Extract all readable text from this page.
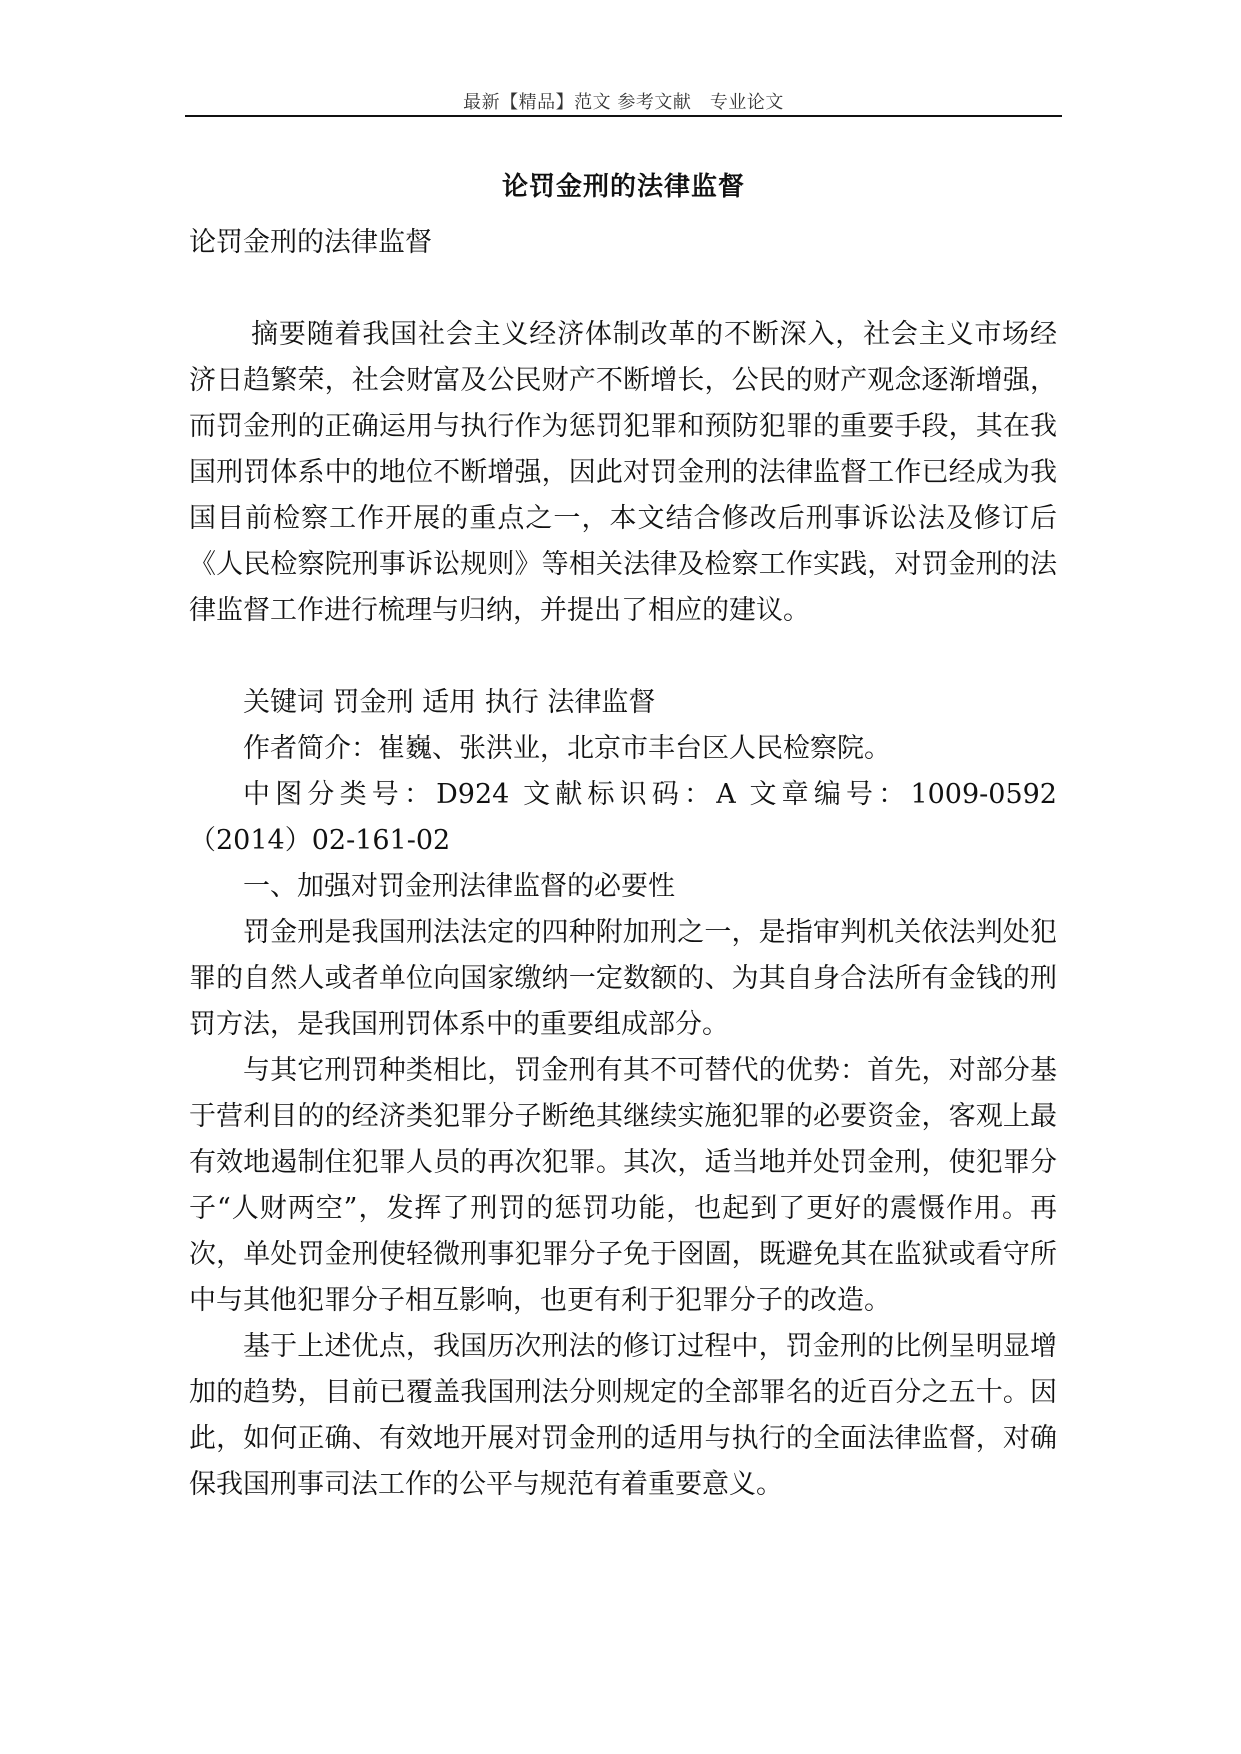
最新【精品】范文 参考文献　专业论文
论罚金刑的法律监督

论罚金刑的法律监督

摘要随着我国社会主义经济体制改革的不断深入，社会主义市场经济日趋繁荣，社会财富及公民财产不断增长，公民的财产观念逐渐增强，而罚金刑的正确运用与执行作为惩罚犯罪和预防犯罪的重要手段，其在我国刑罚体系中的地位不断增强，因此对罚金刑的法律监督工作已经成为我国目前检察工作开展的重点之一，本文结合修改后刑事诉讼法及修订后《人民检察院刑事诉讼规则》等相关法律及检察工作实践，对罚金刑的法律监督工作进行梳理与归纳，并提出了相应的建议。

关键词 罚金刑 适用 执行 法律监督

作者简介：崔巍、张洪业，北京市丰台区人民检察院。

中图分类号：D924 文献标识码：A 文章编号：1009-0592（2014）02-161-02

一、加强对罚金刑法律监督的必要性

罚金刑是我国刑法法定的四种附加刑之一，是指审判机关依法判处犯罪的自然人或者单位向国家缴纳一定数额的、为其自身合法所有金钱的刑罚方法，是我国刑罚体系中的重要组成部分。

与其它刑罚种类相比，罚金刑有其不可替代的优势：首先，对部分基于营利目的的经济类犯罪分子断绝其继续实施犯罪的必要资金，客观上最有效地遏制住犯罪人员的再次犯罪。其次，适当地并处罚金刑，使犯罪分子“人财两空”，发挥了刑罚的惩罚功能，也起到了更好的震慑作用。再次，单处罚金刑使轻微刑事犯罪分子免于囹圄，既避免其在监狱或看守所中与其他犯罪分子相互影响，也更有利于犯罪分子的改造。

基于上述优点，我国历次刑法的修订过程中，罚金刑的比例呈明显增加的趋势，目前已覆盖我国刑法分则规定的全部罪名的近百分之五十。因此，如何正确、有效地开展对罚金刑的适用与执行的全面法律监督，对确保我国刑事司法工作的公平与规范有着重要意义。
